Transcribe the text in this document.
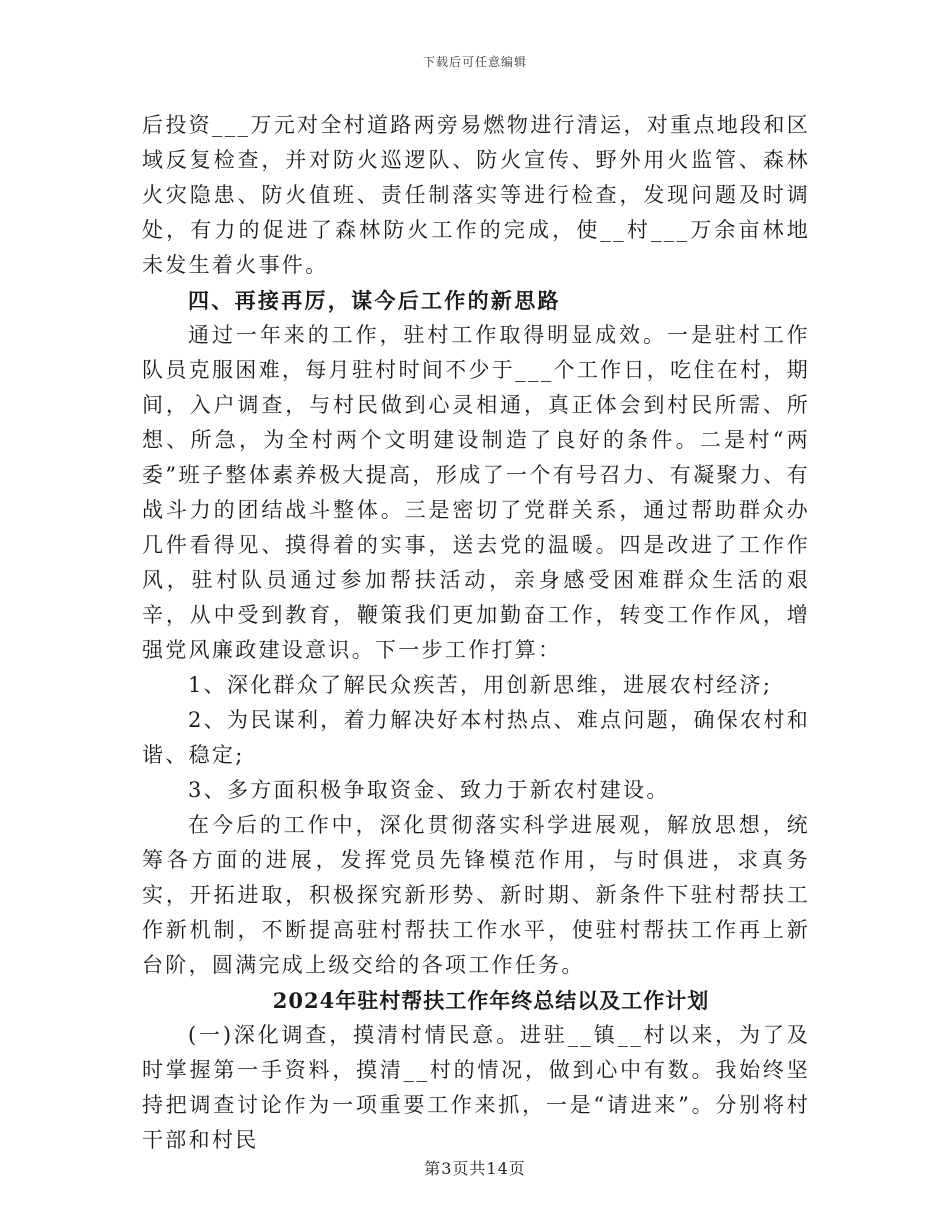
下载后可任意编辑

后投资___万元对全村道路两旁易燃物进行清运，对重点地段和区域反复检查，并对防火巡逻队、防火宣传、野外用火监管、森林火灾隐患、防火值班、责任制落实等进行检查，发现问题及时调处，有力的促进了森林防火工作的完成，使__村___万余亩林地未发生着火事件。

四、再接再厉，谋今后工作的新思路

通过一年来的工作，驻村工作取得明显成效。一是驻村工作队员克服困难，每月驻村时间不少于___个工作日，吃住在村，期间，入户调查，与村民做到心灵相通，真正体会到村民所需、所想、所急，为全村两个文明建设制造了良好的条件。二是村“两委”班子整体素养极大提高，形成了一个有号召力、有凝聚力、有战斗力的团结战斗整体。三是密切了党群关系，通过帮助群众办几件看得见、摸得着的实事，送去党的温暖。四是改进了工作作风，驻村队员通过参加帮扶活动，亲身感受困难群众生活的艰辛，从中受到教育，鞭策我们更加勤奋工作，转变工作作风，增强党风廉政建设意识。下一步工作打算：

1、深化群众了解民众疾苦，用创新思维，进展农村经济;

2、为民谋利，着力解决好本村热点、难点问题，确保农村和谐、稳定;

3、多方面积极争取资金、致力于新农村建设。

在今后的工作中，深化贯彻落实科学进展观，解放思想，统筹各方面的进展，发挥党员先锋模范作用，与时俱进，求真务实，开拓进取，积极探究新形势、新时期、新条件下驻村帮扶工作新机制，不断提高驻村帮扶工作水平，使驻村帮扶工作再上新台阶，圆满完成上级交给的各项工作任务。

2024年驻村帮扶工作年终总结以及工作计划

(一)深化调查，摸清村情民意。进驻__镇__村以来，为了及时掌握第一手资料，摸清__村的情况，做到心中有数。我始终坚持把调查讨论作为一项重要工作来抓，一是“请进来”。分别将村干部和村民

第3页共14页
